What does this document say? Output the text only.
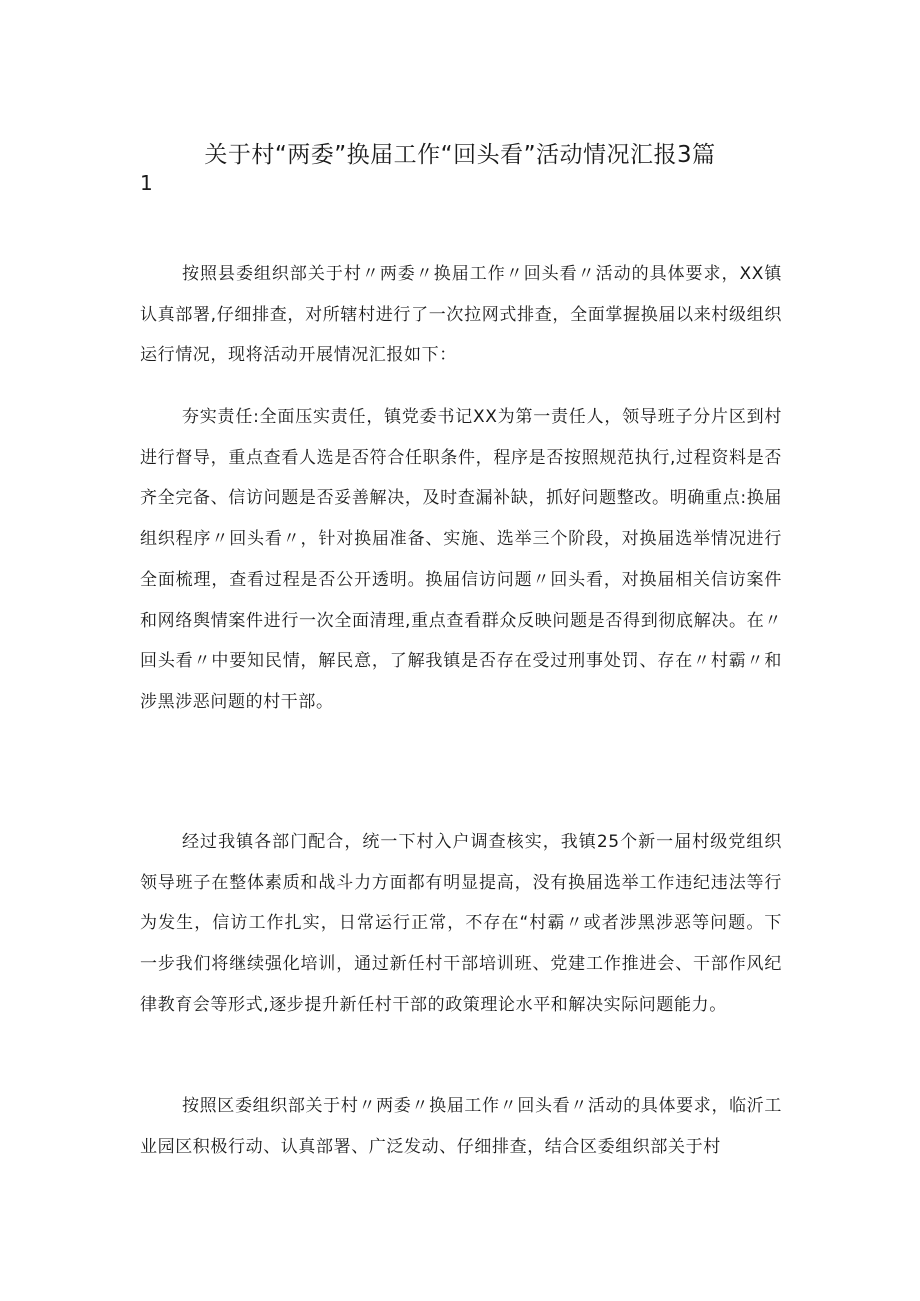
关于村“两委”换届工作“回头看”活动情况汇报3篇
1

按照县委组织部关于村〃两委〃换届工作〃回头看〃活动的具体要求，XX镇认真部署,仔细排查，对所辖村进行了一次拉网式排查，全面掌握换届以来村级组织运行情况，现将活动开展情况汇报如下：

夯实责任:全面压实责任，镇党委书记XX为第一责任人，领导班子分片区到村进行督导，重点查看人选是否符合任职条件，程序是否按照规范执行,过程资料是否齐全完备、信访问题是否妥善解决，及时查漏补缺，抓好问题整改。明确重点:换届组织程序〃回头看〃，针对换届准备、实施、选举三个阶段，对换届选举情况进行全面梳理，查看过程是否公开透明。换届信访问题〃回头看，对换届相关信访案件和网络舆情案件进行一次全面清理,重点查看群众反映问题是否得到彻底解决。在〃回头看〃中要知民情，解民意，了解我镇是否存在受过刑事处罚、存在〃村霸〃和涉黑涉恶问题的村干部。

经过我镇各部门配合，统一下村入户调查核实，我镇25个新一届村级党组织领导班子在整体素质和战斗力方面都有明显提高，没有换届选举工作违纪违法等行为发生，信访工作扎实，日常运行正常，不存在“村霸〃或者涉黑涉恶等问题。下一步我们将继续强化培训，通过新任村干部培训班、党建工作推进会、干部作风纪律教育会等形式,逐步提升新任村干部的政策理论水平和解决实际问题能力。

按照区委组织部关于村〃两委〃换届工作〃回头看〃活动的具体要求，临沂工业园区积极行动、认真部署、广泛发动、仔细排查，结合区委组织部关于村
